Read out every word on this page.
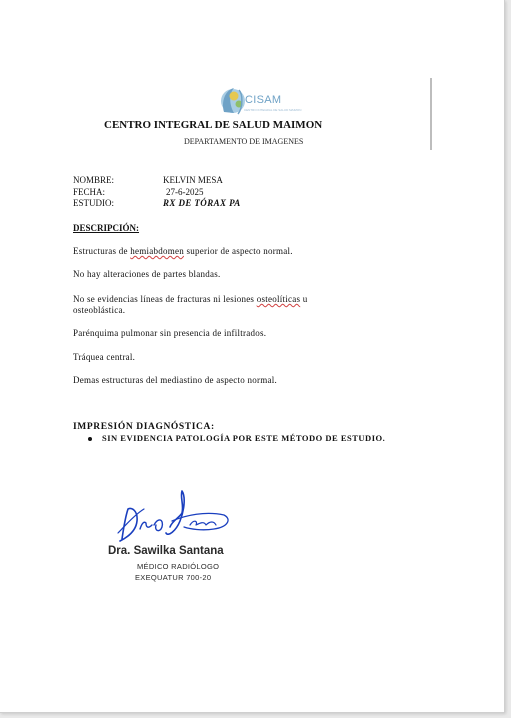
CISAM
CENTRO INTEGRAL DE SALUD MAIMON
CENTRO INTEGRAL DE SALUD MAIMON
DEPARTAMENTO DE IMAGENES
NOMBRE:	KELVIN MESA
FECHA:	27-6-2025
ESTUDIO:	RX DE TÓRAX PA
DESCRIPCIÓN:
Estructuras de hemiabdomen superior de aspecto normal.
No hay alteraciones de partes blandas.
No se evidencias líneas de fracturas ni lesiones osteolíticas u
osteoblástica.
Parénquima pulmonar sin presencia de infiltrados.
Tráquea central.
Demas estructuras del mediastino de aspecto normal.
IMPRESIÓN DIAGNÓSTICA:
SIN EVIDENCIA PATOLOGÍA POR ESTE MÉTODO DE ESTUDIO.
Dra. Sawilka Santana
MÉDICO RADIÓLOGO
EXEQUATUR 700-20
